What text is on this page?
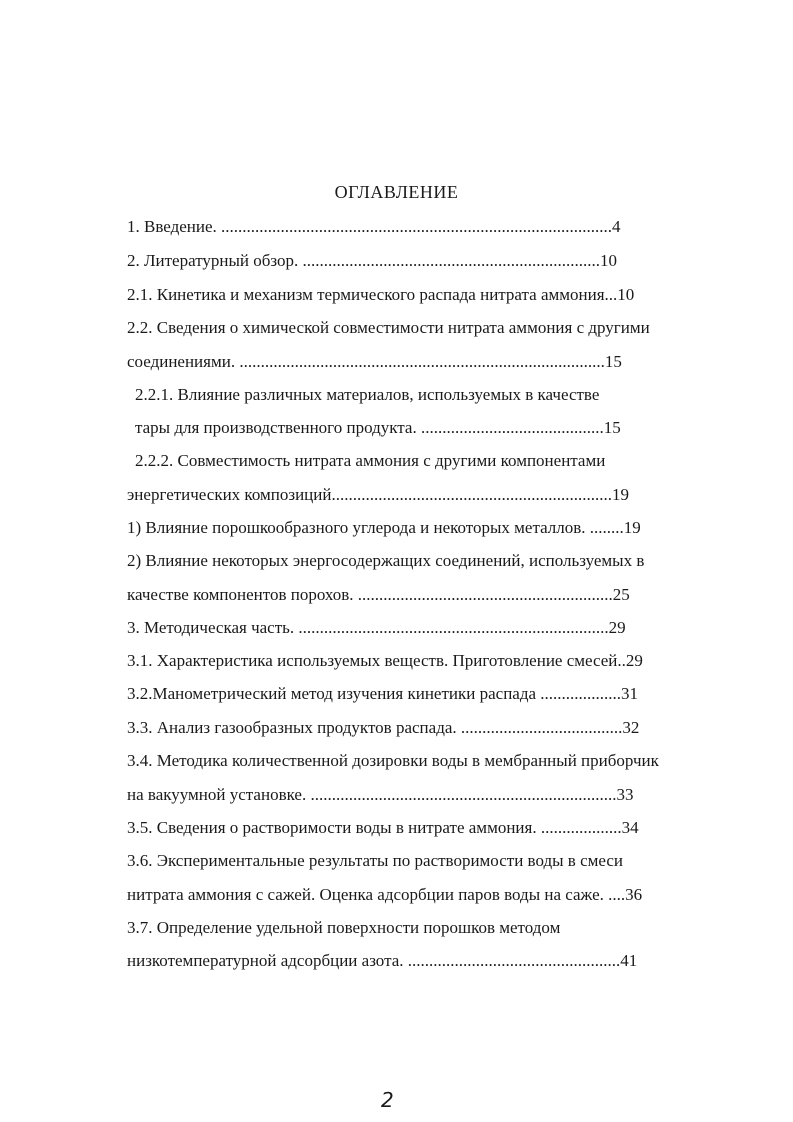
ОГЛАВЛЕНИЕ
1. Введение. ............................................................................................4
2. Литературный обзор. ......................................................................10
2.1. Кинетика и механизм термического распада нитрата аммония...10
2.2. Сведения о химической совместимости нитрата аммония с другими
соединениями. ......................................................................................15
2.2.1. Влияние различных материалов, используемых в качестве
тары для производственного продукта. ...........................................15
2.2.2. Совместимость нитрата аммония с другими компонентами
энергетических композиций..................................................................19
1) Влияние порошкообразного углерода и некоторых металлов. ........19
2) Влияние некоторых энергосодержащих соединений, используемых в
качестве компонентов порохов. ............................................................25
3. Методическая часть. .........................................................................29
3.1. Характеристика используемых веществ. Приготовление смесей..29
3.2.Манометрический метод изучения кинетики распада ...................31
3.3. Анализ газообразных продуктов распада. ......................................32
3.4. Методика количественной дозировки воды в мембранный приборчик
на вакуумной установке. ........................................................................33
3.5. Сведения о растворимости воды в нитрате аммония. ...................34
3.6. Экспериментальные результаты по растворимости воды в смеси
нитрата аммония с сажей. Оценка адсорбции паров воды на саже. ....36
3.7. Определение удельной поверхности порошков методом
низкотемпературной адсорбции азота. ..................................................41
2
